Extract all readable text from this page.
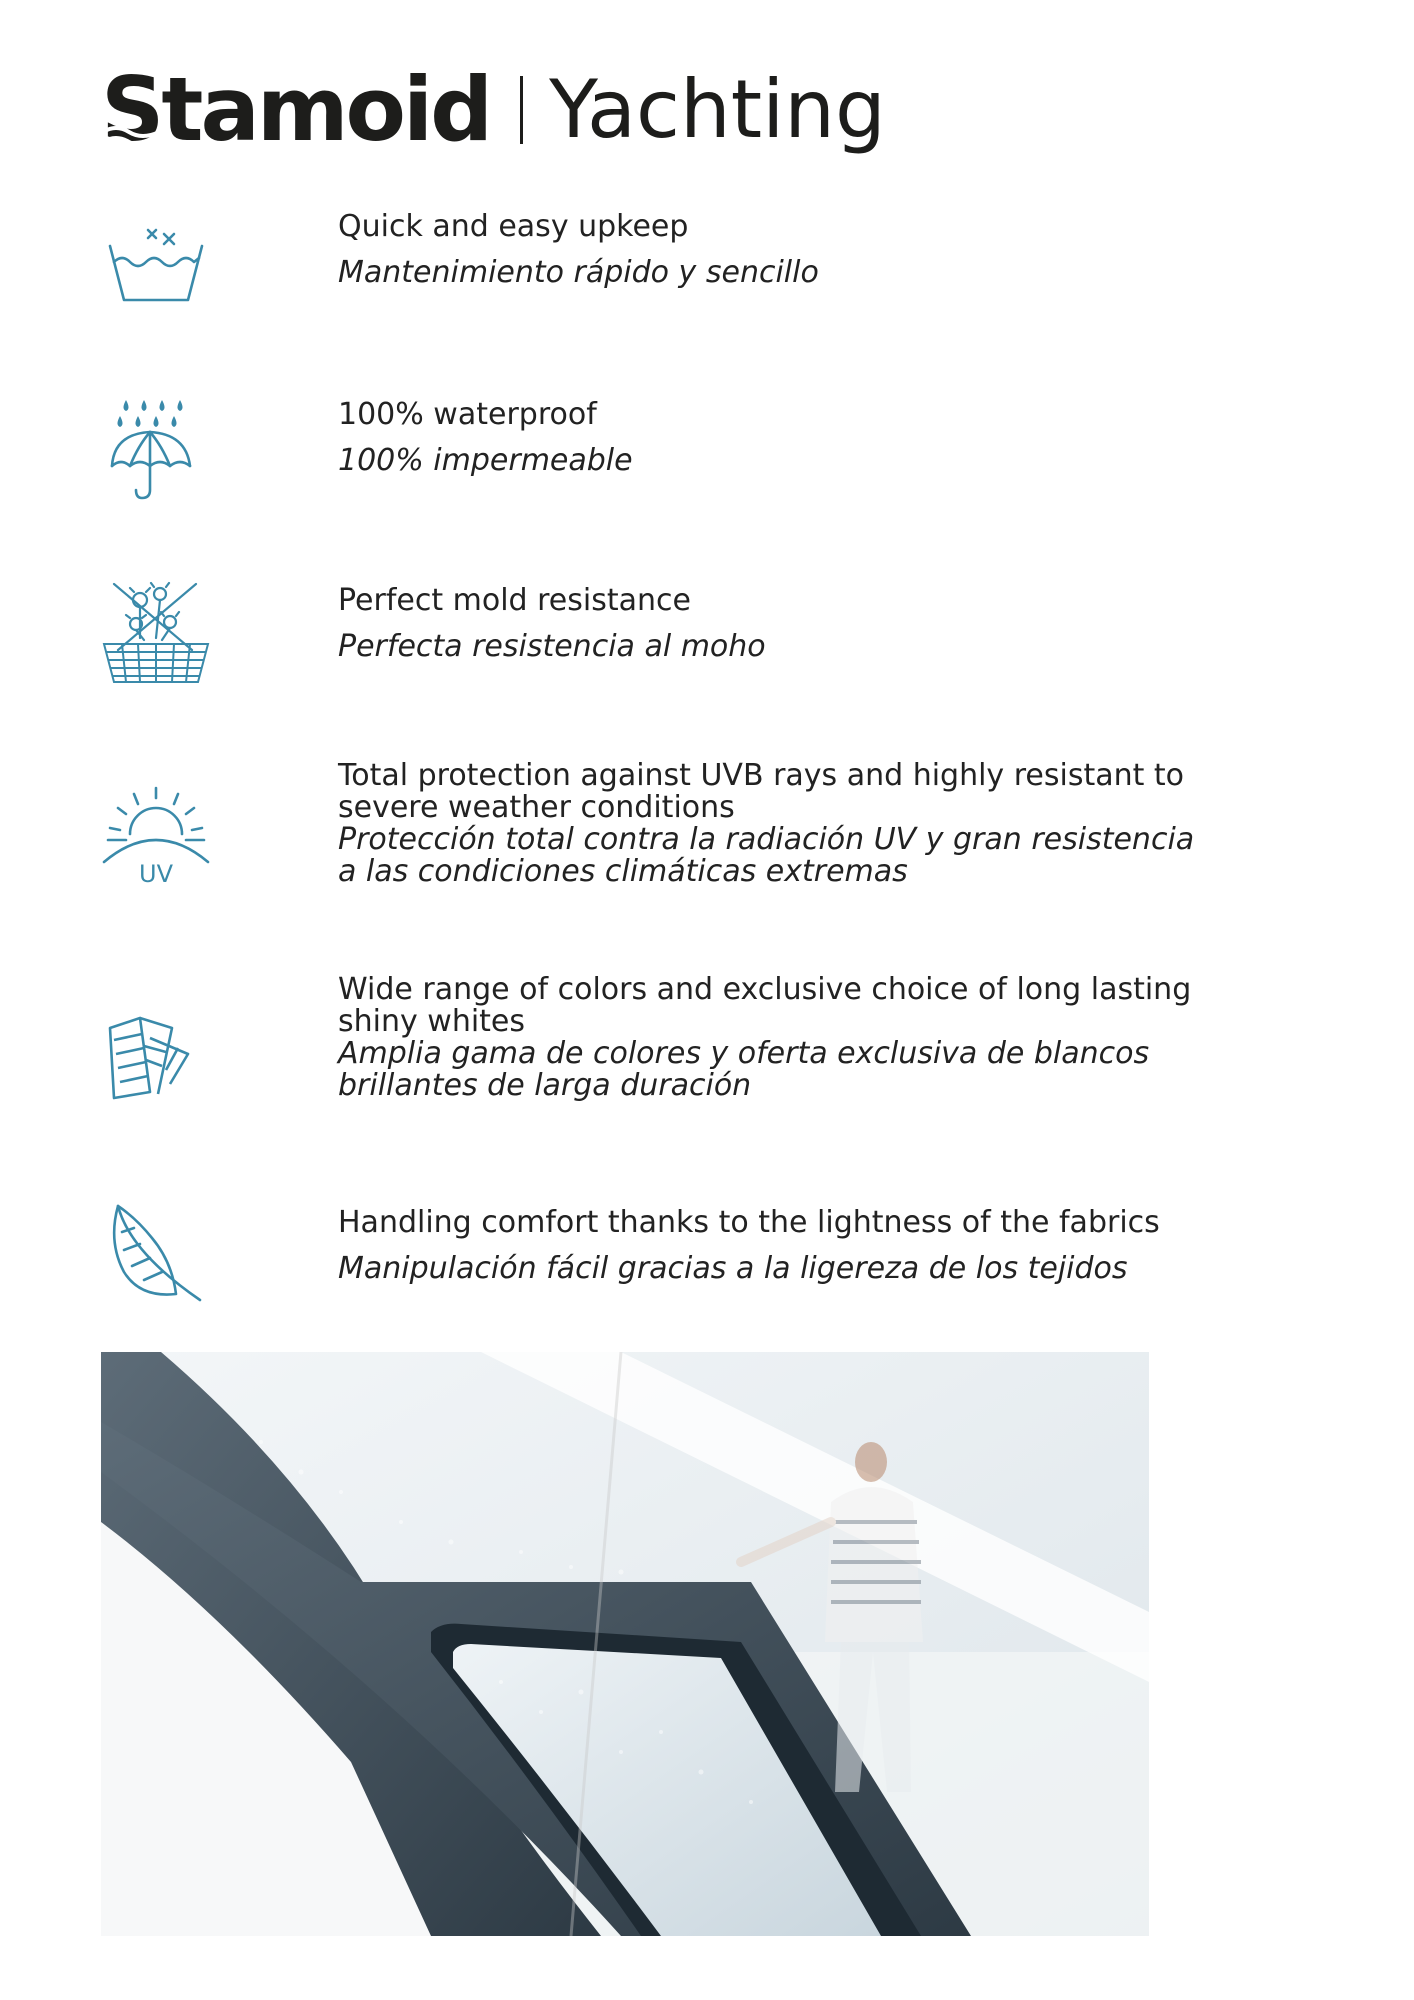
Stamoid Yachting
Quick and easy upkeep
Mantenimiento rápido y sencillo
100% waterproof
100% impermeable
Perfect mold resistance
Perfecta resistencia al moho
UV
Total protection against UVB rays and highly resistant to
severe weather conditions
Protección total contra la radiación UV y gran resistencia
a las condiciones climáticas extremas
Wide range of colors and exclusive choice of long lasting
shiny whites
Amplia gama de colores y oferta exclusiva de blancos
brillantes de larga duración
Handling comfort thanks to the lightness of the fabrics
Manipulación fácil gracias a la ligereza de los tejidos
